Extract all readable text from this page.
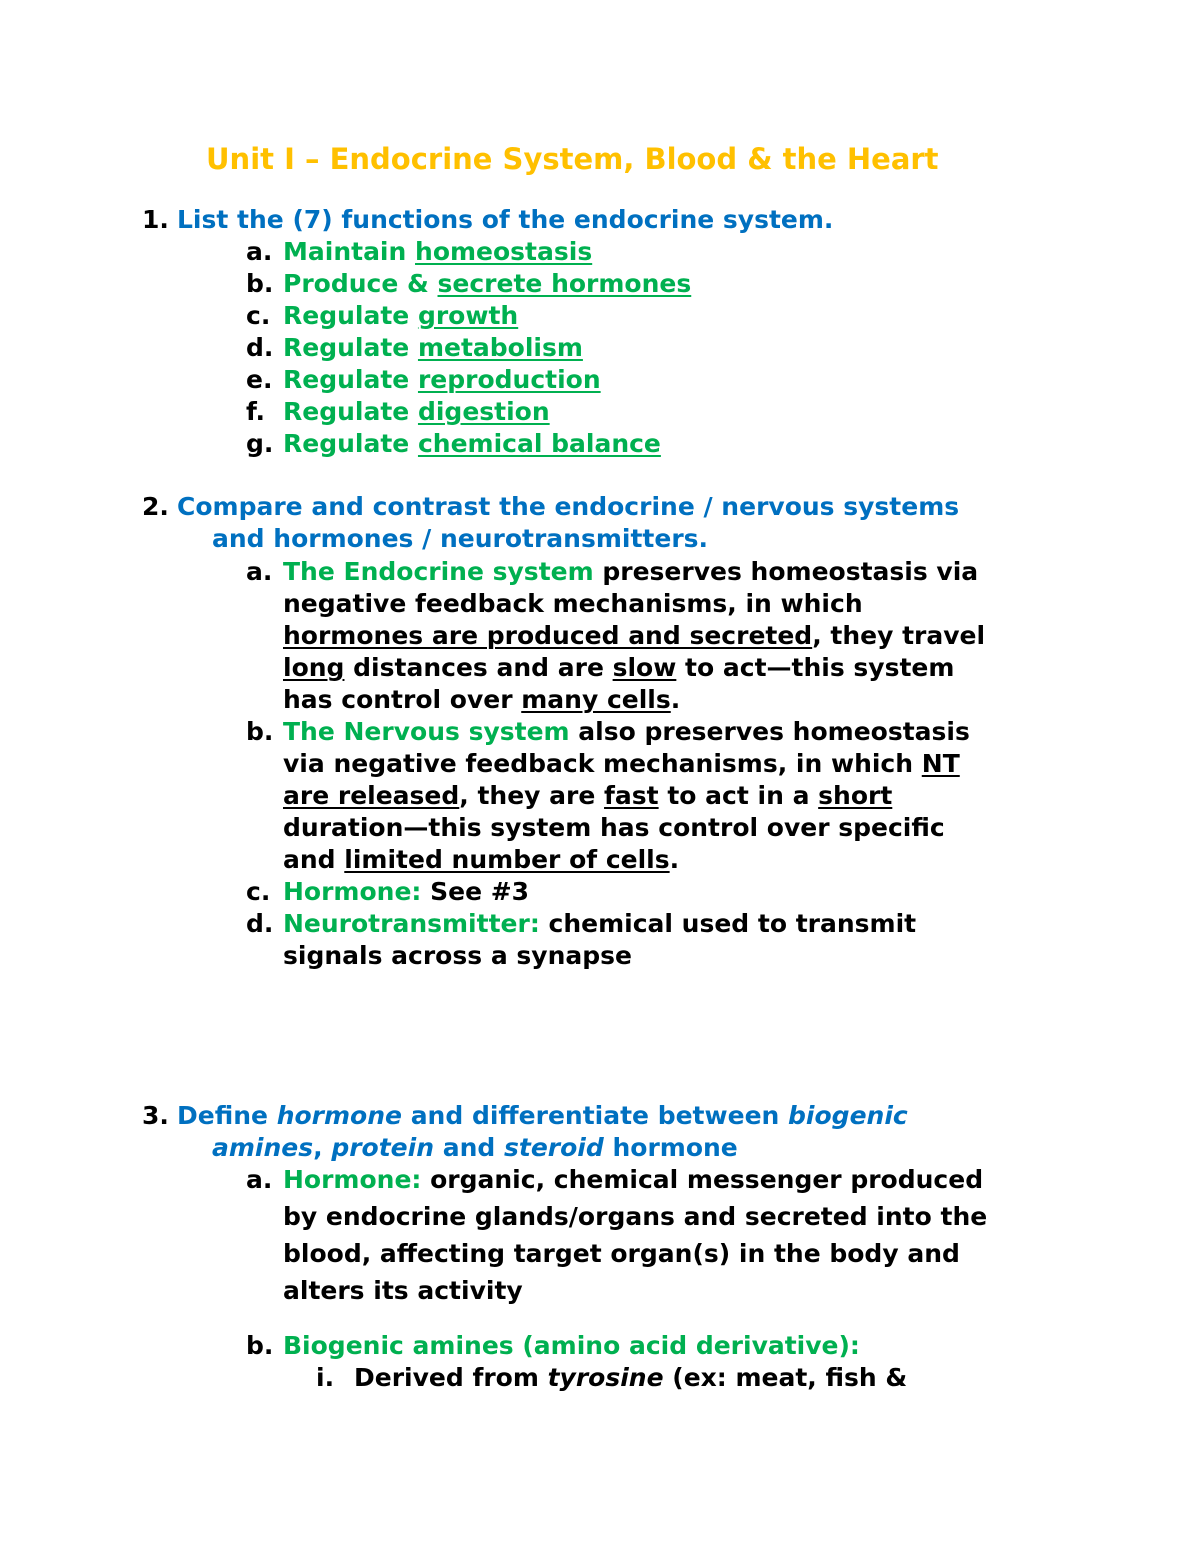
Unit I – Endocrine System, Blood & the Heart
1. List the (7) functions of the endocrine system.
a. Maintain homeostasis
b. Produce & secrete hormones
c. Regulate growth
d. Regulate metabolism
e. Regulate reproduction
f. Regulate digestion
g. Regulate chemical balance
2. Compare and contrast the endocrine / nervous systems
and hormones / neurotransmitters.
a. The Endocrine system preserves homeostasis via
negative feedback mechanisms, in which
hormones are produced and secreted, they travel
long distances and are slow to act—this system
has control over many cells.
b. The Nervous system also preserves homeostasis
via negative feedback mechanisms, in which NT
are released, they are fast to act in a short
duration—this system has control over specific
and limited number of cells.
c. Hormone: See #3
d. Neurotransmitter: chemical used to transmit
signals across a synapse
3. Define hormone and differentiate between biogenic
amines, protein and steroid hormone
a. Hormone: organic, chemical messenger produced
by endocrine glands/organs and secreted into the
blood, affecting target organ(s) in the body and
alters its activity
b. Biogenic amines (amino acid derivative):
i. Derived from tyrosine (ex: meat, fish &
